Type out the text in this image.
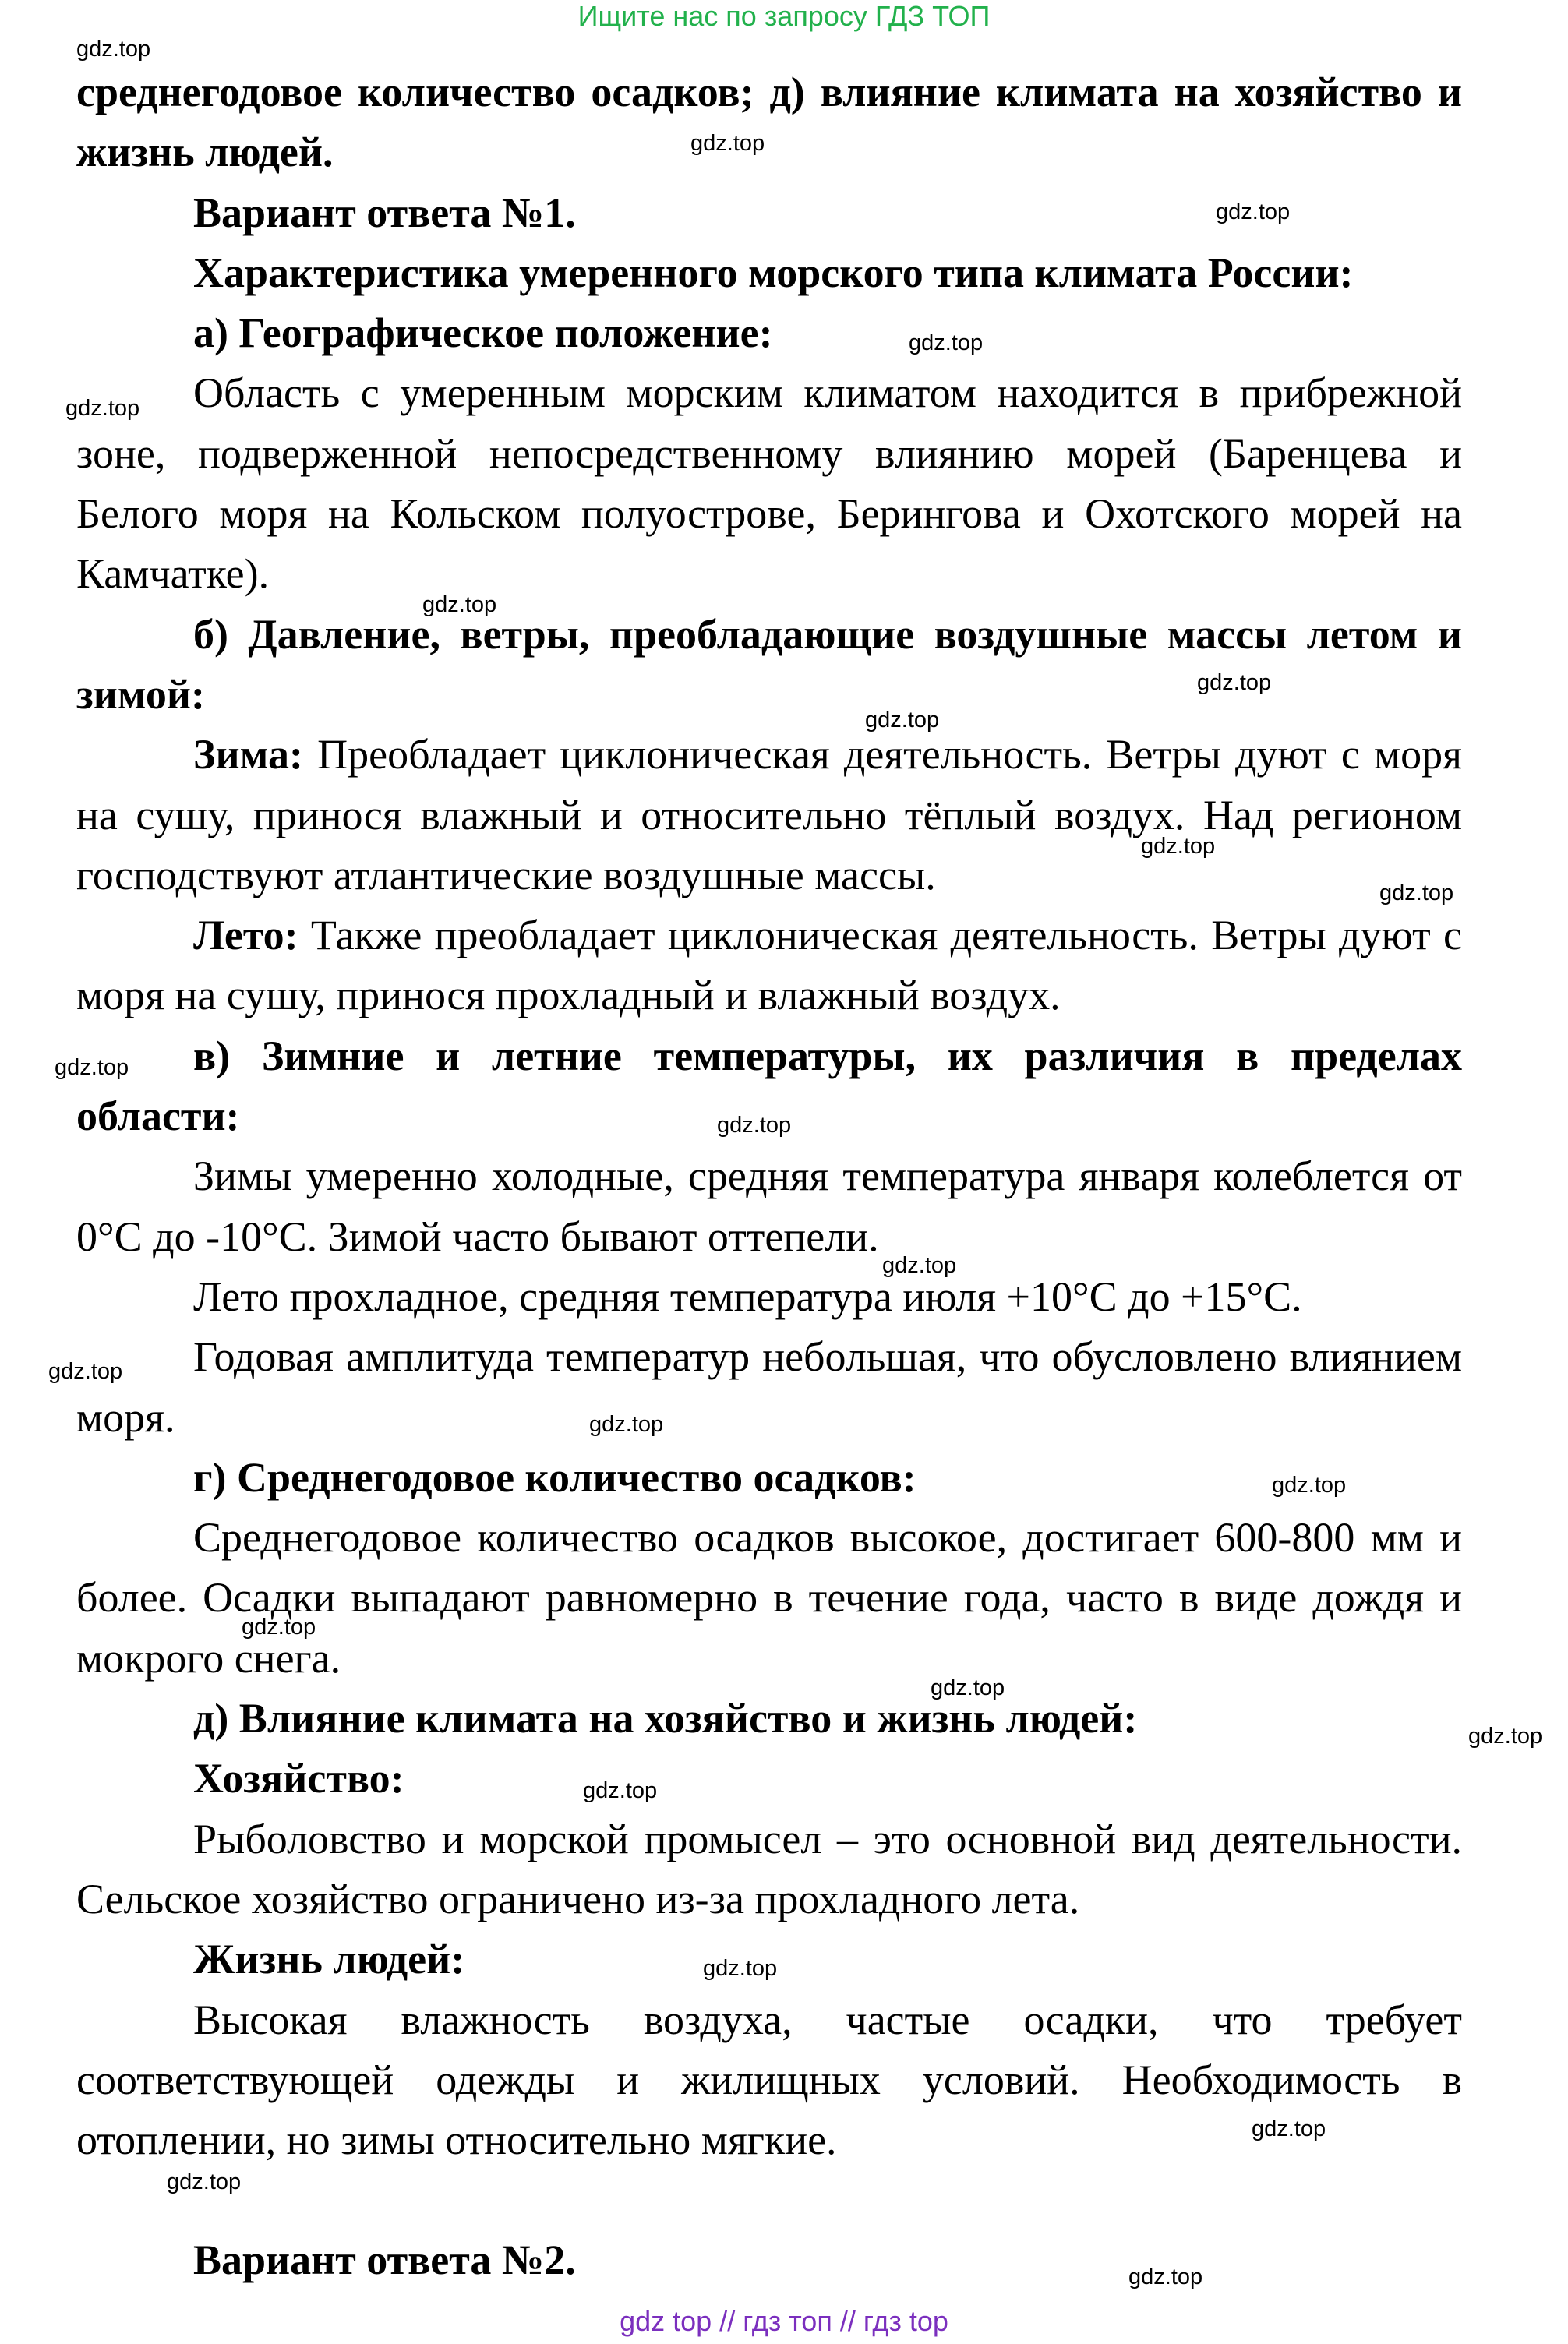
Ищите нас по запросу ГДЗ ТОП

среднегодовое количество осадков; д) влияние климата на хозяйство и жизнь людей.

Вариант ответа №1.

Характеристика умеренного морского типа климата России:

а) Географическое положение:

Область с умеренным морским климатом находится в прибрежной зоне, подверженной непосредственному влиянию морей (Баренцева и Белого моря на Кольском полуострове, Берингова и Охотского морей на Камчатке).

б) Давление, ветры, преобладающие воздушные массы летом и зимой:

Зима: Преобладает циклоническая деятельность. Ветры дуют с моря на сушу, принося влажный и относительно тёплый воздух. Над регионом господствуют атлантические воздушные массы.

Лето: Также преобладает циклоническая деятельность. Ветры дуют с моря на сушу, принося прохладный и влажный воздух.

в) Зимние и летние температуры, их различия в пределах области:

Зимы умеренно холодные, средняя температура января колеблется от 0°C до -10°C. Зимой часто бывают оттепели.

Лето прохладное, средняя температура июля +10°C до +15°C.

Годовая амплитуда температур небольшая, что обусловлено влиянием моря.

г) Среднегодовое количество осадков:

Среднегодовое количество осадков высокое, достигает 600-800 мм и более. Осадки выпадают равномерно в течение года, часто в виде дождя и мокрого снега.

д) Влияние климата на хозяйство и жизнь людей:

Хозяйство:

Рыболовство и морской промысел – это основной вид деятельности. Сельское хозяйство ограничено из-за прохладного лета.

Жизнь людей:

Высокая влажность воздуха, частые осадки, что требует соответствующей одежды и жилищных условий. Необходимость в отоплении, но зимы относительно мягкие.

Вариант ответа №2.

gdz.top
gdz.top
gdz.top
gdz.top
gdz.top
gdz.top
gdz.top
gdz.top
gdz.top
gdz.top
gdz.top
gdz.top
gdz.top
gdz.top
gdz.top
gdz.top
gdz.top
gdz.top
gdz.top
gdz.top
gdz.top
gdz.top
gdz.top
gdz.top
gdz top // гдз топ // гдз top
